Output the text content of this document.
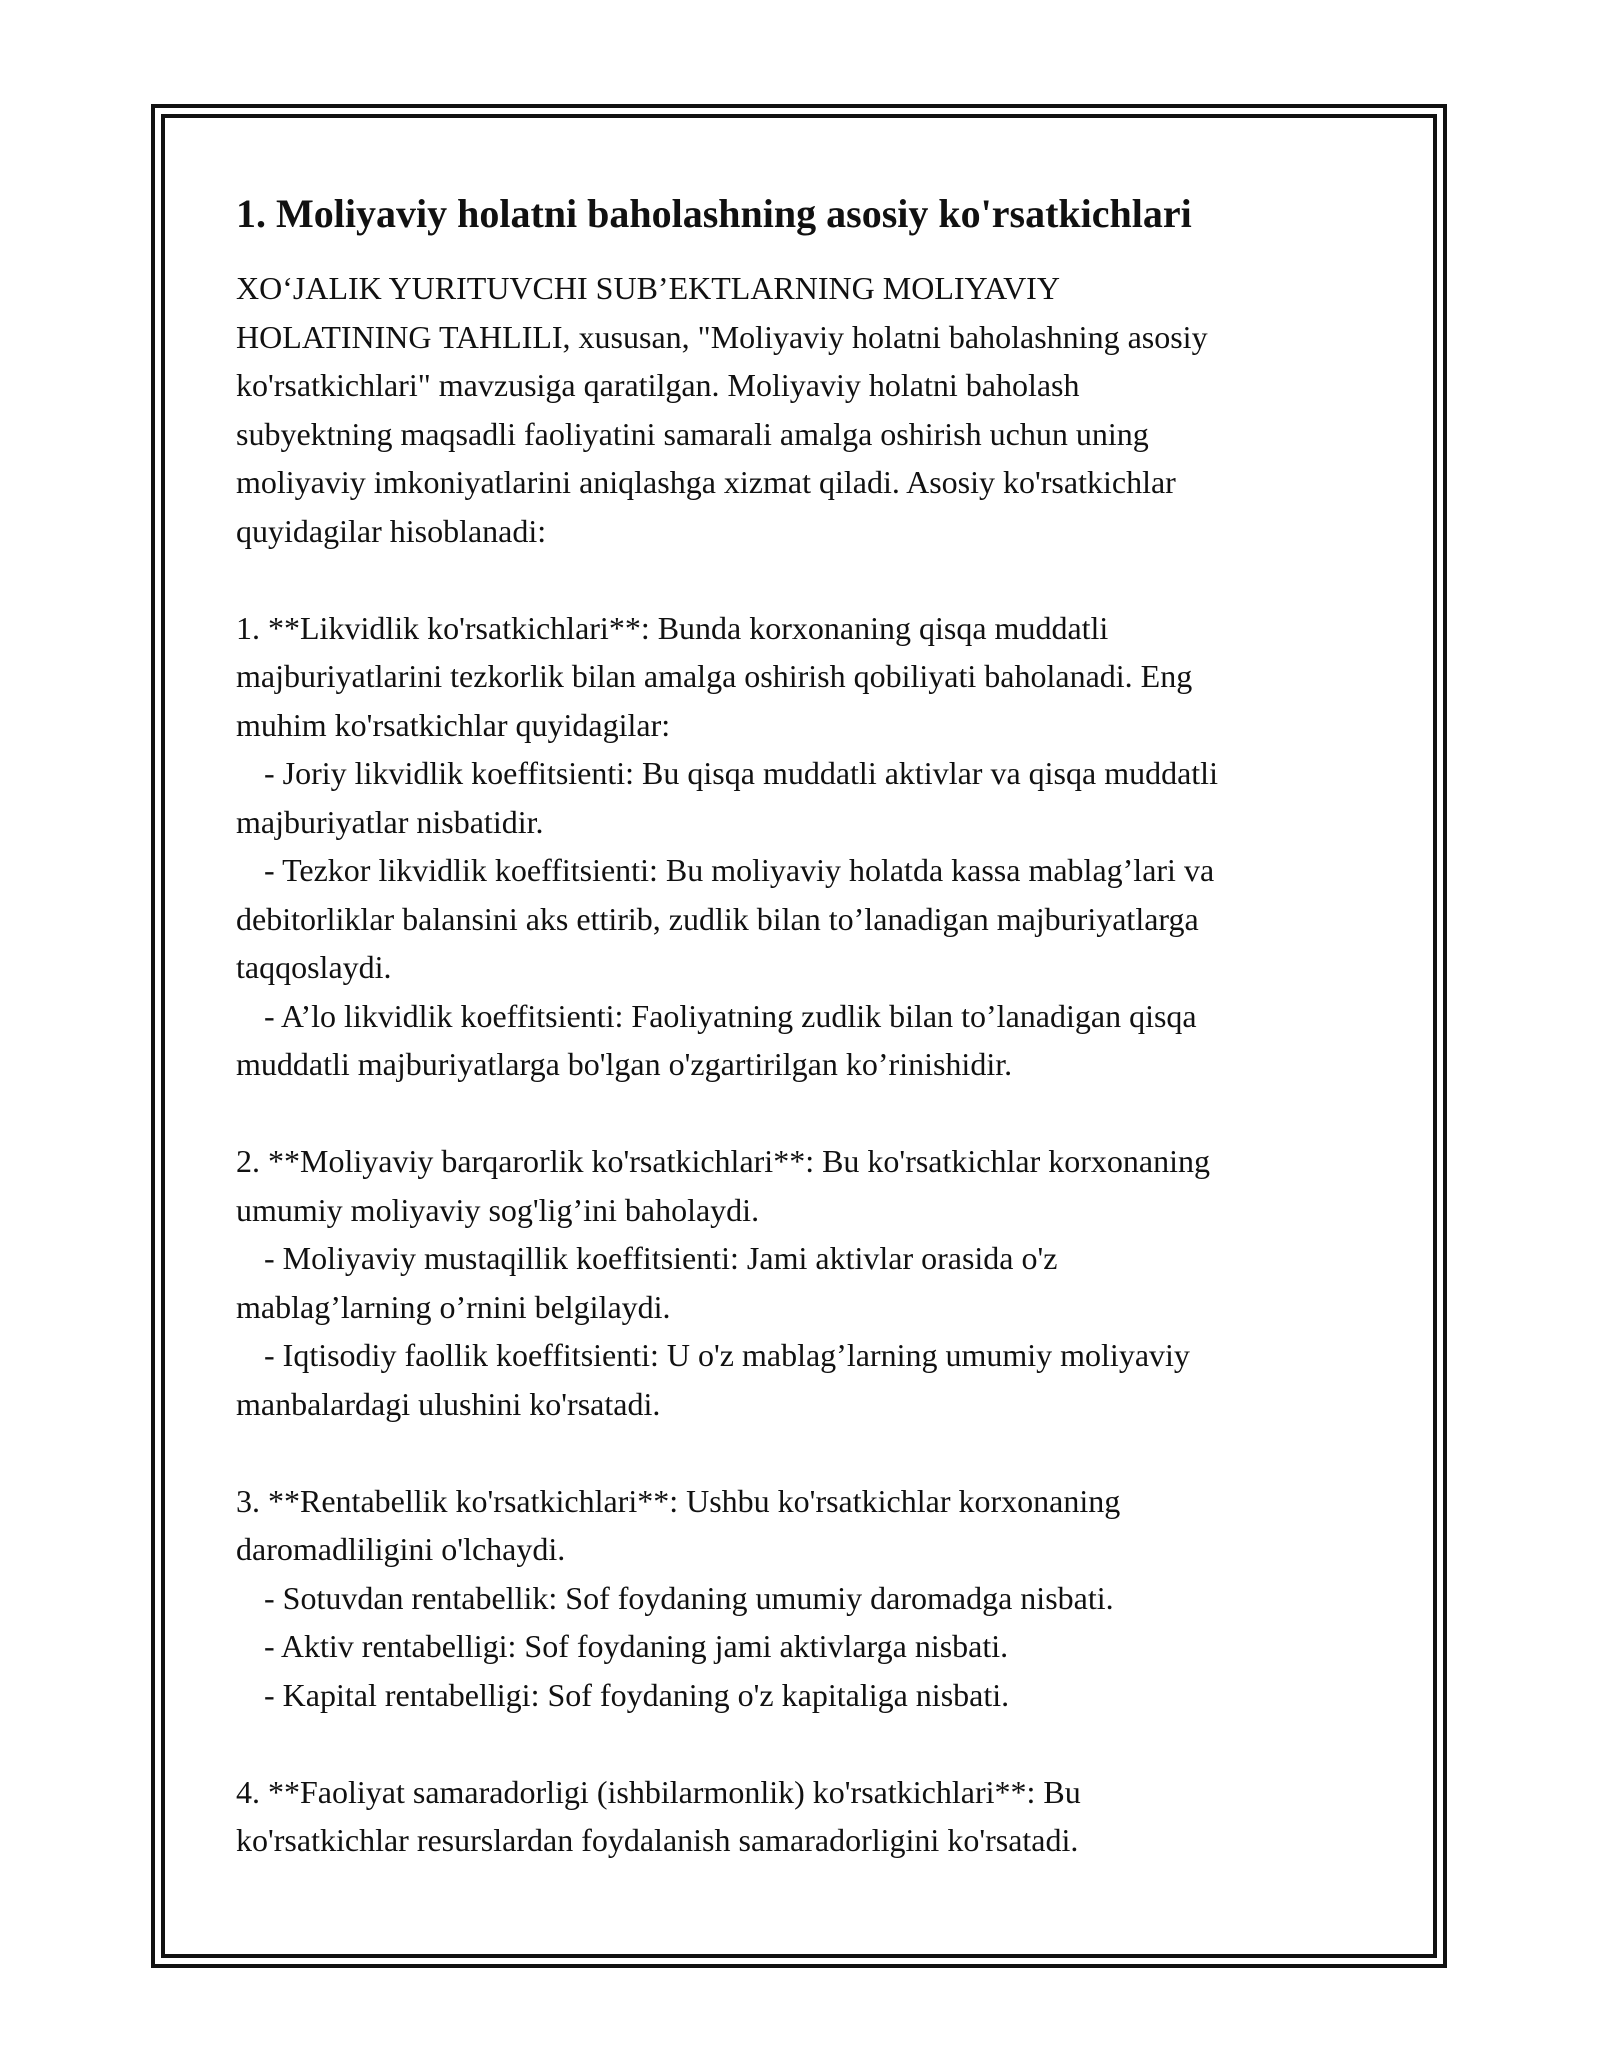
1. Moliyaviy holatni baholashning asosiy ko'rsatkichlari
XO‘JALIK YURITUVCHI SUB’EKTLARNING MOLIYAVIY
HOLATINING TAHLILI, xususan, "Moliyaviy holatni baholashning asosiy
ko'rsatkichlari" mavzusiga qaratilgan. Moliyaviy holatni baholash
subyektning maqsadli faoliyatini samarali amalga oshirish uchun uning
moliyaviy imkoniyatlarini aniqlashga xizmat qiladi. Asosiy ko'rsatkichlar
quyidagilar hisoblanadi:
1. **Likvidlik ko'rsatkichlari**: Bunda korxonaning qisqa muddatli
majburiyatlarini tezkorlik bilan amalga oshirish qobiliyati baholanadi. Eng
muhim ko'rsatkichlar quyidagilar:
- Joriy likvidlik koeffitsienti: Bu qisqa muddatli aktivlar va qisqa muddatli
majburiyatlar nisbatidir.
- Tezkor likvidlik koeffitsienti: Bu moliyaviy holatda kassa mablag’lari va
debitorliklar balansini aks ettirib, zudlik bilan to’lanadigan majburiyatlarga
taqqoslaydi.
- A’lo likvidlik koeffitsienti: Faoliyatning zudlik bilan to’lanadigan qisqa
muddatli majburiyatlarga bo'lgan o'zgartirilgan ko’rinishidir.
2. **Moliyaviy barqarorlik ko'rsatkichlari**: Bu ko'rsatkichlar korxonaning
umumiy moliyaviy sog'lig’ini baholaydi.
- Moliyaviy mustaqillik koeffitsienti: Jami aktivlar orasida o'z
mablag’larning o’rnini belgilaydi.
- Iqtisodiy faollik koeffitsienti: U o'z mablag’larning umumiy moliyaviy
manbalardagi ulushini ko'rsatadi.
3. **Rentabellik ko'rsatkichlari**: Ushbu ko'rsatkichlar korxonaning
daromadliligini o'lchaydi.
- Sotuvdan rentabellik: Sof foydaning umumiy daromadga nisbati.
- Aktiv rentabelligi: Sof foydaning jami aktivlarga nisbati.
- Kapital rentabelligi: Sof foydaning o'z kapitaliga nisbati.
4. **Faoliyat samaradorligi (ishbilarmonlik) ko'rsatkichlari**: Bu
ko'rsatkichlar resurslardan foydalanish samaradorligini ko'rsatadi.
